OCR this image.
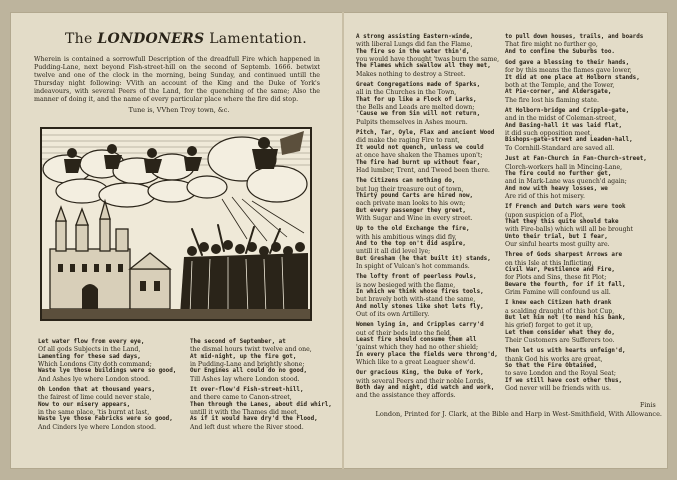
The LONDONERS Lamentation.
Wherein is contained a sorrowfull Description of the dreadfull Fire which happened in Pudding-Lane, next beyond Fish-street-hill on the second of Septemb. 1666. betwixt twelve and one of the clock in the morning, being Sunday, and continued untill the Thursday night following: VVith an account of the King and the Duke of York's indeavours, with several Peers of the Land, for the quenching of the same; Also the manner of doing it, and the name of every particular place where the fire did stop.
Tune is, VVhen Troy town, &c.

Let water flow from every eye,
Of all gods Subjects in the Land,
Lamenting for these sad days,
Which Londons City doth command;
Waste lye those buildings were so good,
And Ashes lye where London stood.

Oh London that at thousand years,
the fairest of lime could never stale,
Now to our misery appears,
in the same place, 'tis burnt at last,
Waste lye those Fabricks were so good,
And Cinders lye where London stood.

The second of September, at
the dismal hours twixt twelve and one,
At mid-night, up the fire got,
in Pudding-Lane and brightly shone;
Our Engines all could do no good,
Till Ashes lay where London stood.

It over-flow'd Fish-street-hill,
and there came to Canon-street,
Then through the Lanes, about did whirl,
untill it with the Thames did meet,
As if it would have dry'd the Flood,
And left dust where the River stood.

A strong assisting Eastern-winde,
with liberal Lungs did fan the Flame,
The fire so in the water thin'd,
you would have thought 'twas burn the same,
The Flames which swallow all they met,
Makes nothing to destroy a Street.

Great Congregations made of Sparks,
all in the Churches in the Town,
That for up like a Flock of Larks,
the Bells and Leads are melted down;
'Cause we from Sin will not return,
Pulpits themselves in Ashes mourn.

Pitch, Tar, Oyle, Flax and ancient Wood
did make the raging Fire to rant,
It would not quench, unless we could
at once have shaken the Thames upon't;
The fire had burnt up without fear,
Had lumber, Trent, and Tweed been there.

The Citizens can nothing do,
but lug their treasure out of town,
Thirty pound Carts are hired now,
each private man looks to his own;
But every passenger they greet,
With Sugar and Wine in every street.

Up to the old Exchange the fire,
with his ambitious wings did fly,
And to the top on't did aspire,
untill it all did level lye;
But Gresham (he that built it) stands,
In spight of Vulcan's hot commands.

The lofty front of peerless Powls,
is now besieged with the flame,
In which we think whose fires tools,
but bravely both with-stand the same,
And molly stones like shot lets fly,
Out of its own Artillery.

Women lying in, and Cripples carry'd
out of their beds into the field,
Least fire should consume them all
'gainst which they had no other shield;
In every place the fields were throng'd,
Which like to a great Leaguer shew'd.

Our gracious King, the Duke of York,
with several Peers and their noble Lords,
Both day and night, did watch and work,
and the assistance they affords.

to pull down houses, trails, and boards
That fire might no further go,
And to confine the Suburbs too.

God gave a blessing to their hands,
for by this means the flames gave lower,
It did at one place at Holborn stands,
both at the Temple, and the Tower,
At Pie-corner, and Aldersgate,
The fire lost his flaming state.

At Holborn-bridge and Cripple-gate,
and in the midst of Coleman-street,
And Basing-hall it was laid flat,
it did such opposition meet,
Bishops-gate-street and Leaden-hall,
To Cornhill-Standard are saved all.

Just at Fan-Church in Fan-Church-street,
Clorch-workers hall in Mincing-Lane,
The fire could no further get,
and in Mark-Lane was quench'd again;
And now with heavy losses, we
Are rid of this hot misery.

If French and Dutch wars were took
(upon suspicion of a Plot,
That they this quite should take
with Fire-balls) which will all be brought
Unto their trial, but I fear,
Our sinful hearts most guilty are.

Three of Gods sharpest Arrows are
on this Isle at this Inflicting,
Civil War, Pestilence and Fire,
for Plots and Sins, these fit Plot;
Beware the fourth, for if it fall,
Grim Famine will confound us all.

I knew each Citizen hath drank
a scalding draught of this hot Cup,
But let him not (to mend his bank,
his grief) forget to get it up,
Let them consider what they do,
Their Customers are Sufferers too.

Then let us with hearts unfeign'd,
thank God his works are great,
So that the Fire Obtained,
to save London and the Royal Seat;
If we still have cost other thus,
God never will be friends with us.

London, Printed for J. Clark, at the Bible and Harp in West-Smithfield, With Allowance.
Finis
